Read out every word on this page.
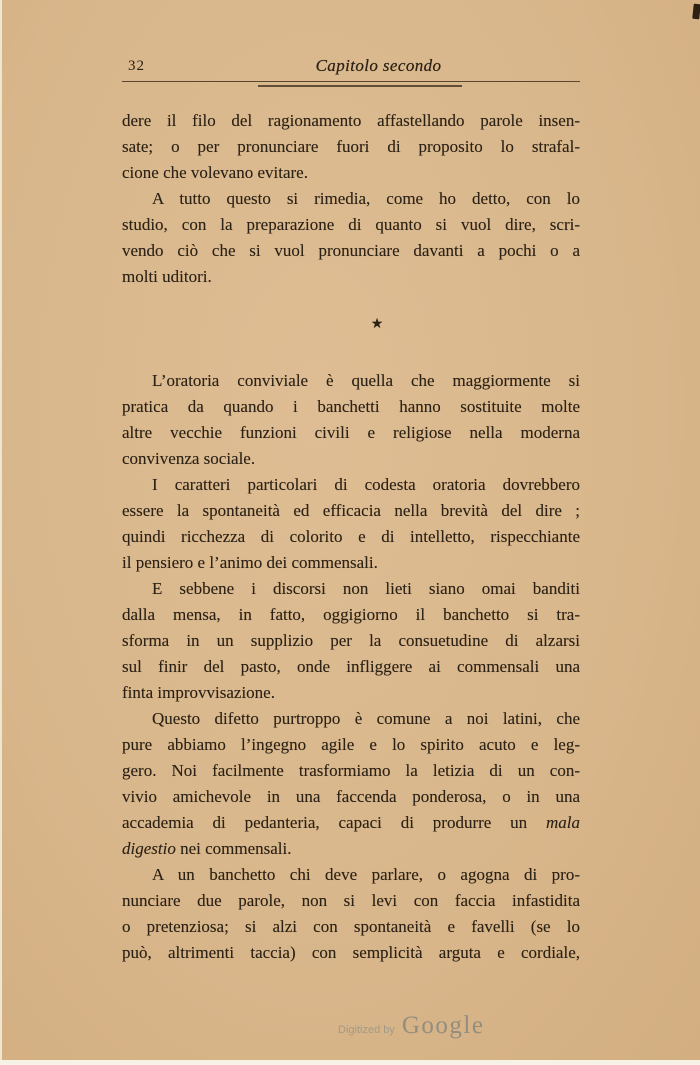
32	Capitolo secondo
dere il filo del ragionamento affastellando parole insen-
sate; o per pronunciare fuori di proposito lo strafal-
cione che volevano evitare.
A tutto questo si rimedia, come ho detto, con lo
studio, con la preparazione di quanto si vuol dire, scri-
vendo ciò che si vuol pronunciare davanti a pochi o a
molti uditori.
★
L’oratoria conviviale è quella che maggiormente si
pratica da quando i banchetti hanno sostituite molte
altre vecchie funzioni civili e religiose nella moderna
convivenza sociale.
I caratteri particolari di codesta oratoria dovrebbero
essere la spontaneità ed efficacia nella brevità del dire ;
quindi ricchezza di colorito e di intelletto, rispecchiante
il pensiero e l’animo dei commensali.
E sebbene i discorsi non lieti siano omai banditi
dalla mensa, in fatto, oggigiorno il banchetto si tra-
sforma in un supplizio per la consuetudine di alzarsi
sul finir del pasto, onde infliggere ai commensali una
finta improvvisazione.
Questo difetto purtroppo è comune a noi latini, che
pure abbiamo l’ingegno agile e lo spirito acuto e leg-
gero. Noi facilmente trasformiamo la letizia di un con-
vivio amichevole in una faccenda ponderosa, o in una
accademia di pedanteria, capaci di produrre un mala
digestio nei commensali.
A un banchetto chi deve parlare, o agogna di pro-
nunciare due parole, non si levi con faccia infastidita
o pretenziosa; si alzi con spontaneità e favelli (se lo
può, altrimenti taccia) con semplicità arguta e cordiale,
Digitized by Google
